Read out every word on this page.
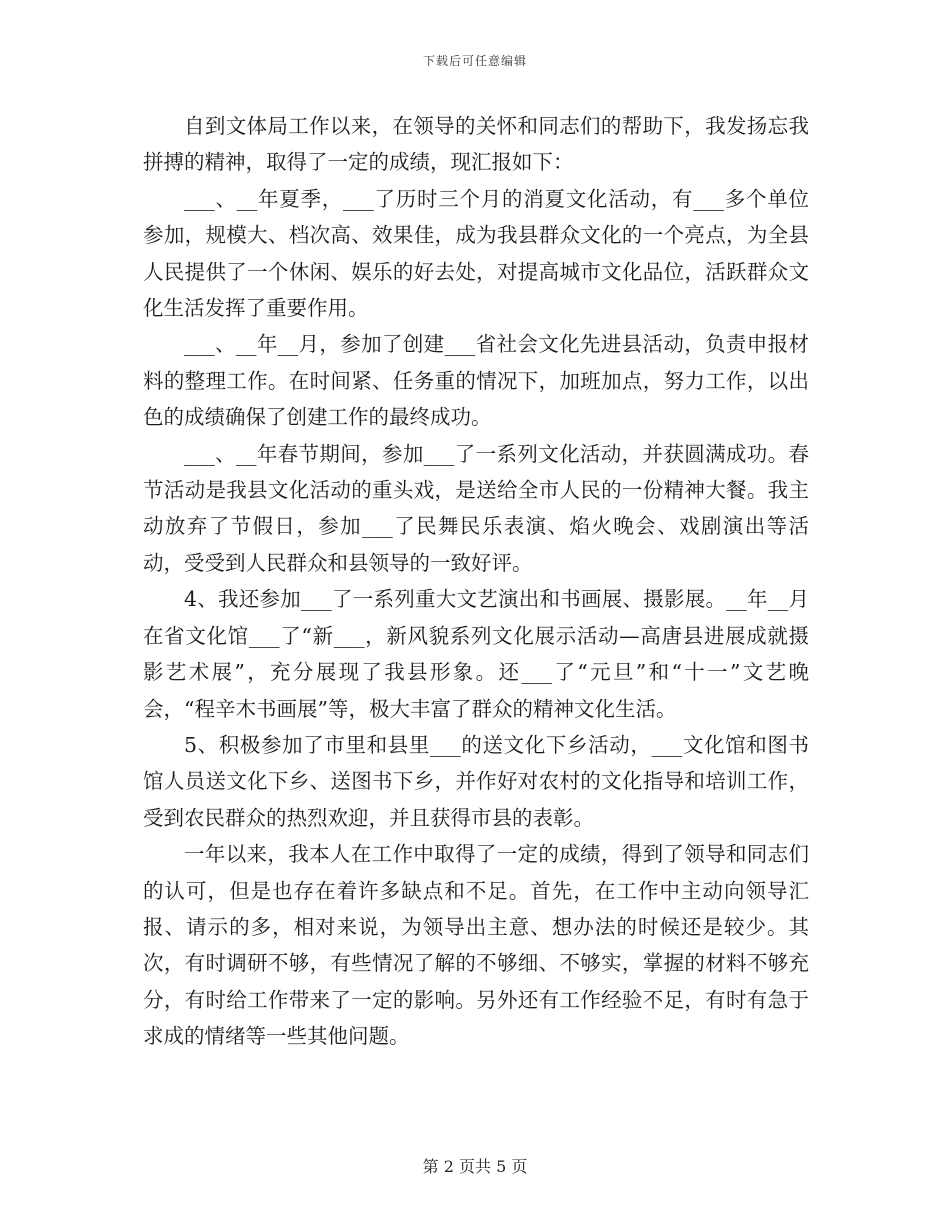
下载后可任意编辑

自到文体局工作以来，在领导的关怀和同志们的帮助下，我发扬忘我拼搏的精神，取得了一定的成绩，现汇报如下：

___、__年夏季，___了历时三个月的消夏文化活动，有___多个单位参加，规模大、档次高、效果佳，成为我县群众文化的一个亮点，为全县人民提供了一个休闲、娱乐的好去处，对提高城市文化品位，活跃群众文化生活发挥了重要作用。

___、__年__月，参加了创建___省社会文化先进县活动，负责申报材料的整理工作。在时间紧、任务重的情况下，加班加点，努力工作，以出色的成绩确保了创建工作的最终成功。

___、__年春节期间，参加___了一系列文化活动，并获圆满成功。春节活动是我县文化活动的重头戏，是送给全市人民的一份精神大餐。我主动放弃了节假日，参加___了民舞民乐表演、焰火晚会、戏剧演出等活动，受受到人民群众和县领导的一致好评。

4、我还参加___了一系列重大文艺演出和书画展、摄影展。__年__月在省文化馆___了“新___，新风貌系列文化展示活动—高唐县进展成就摄影艺术展”，充分展现了我县形象。还___了“元旦”和“十一”文艺晚会，“程辛木书画展”等，极大丰富了群众的精神文化生活。

5、积极参加了市里和县里___的送文化下乡活动，___文化馆和图书馆人员送文化下乡、送图书下乡，并作好对农村的文化指导和培训工作，受到农民群众的热烈欢迎，并且获得市县的表彰。

一年以来，我本人在工作中取得了一定的成绩，得到了领导和同志们的认可，但是也存在着许多缺点和不足。首先，在工作中主动向领导汇报、请示的多，相对来说，为领导出主意、想办法的时候还是较少。其次，有时调研不够，有些情况了解的不够细、不够实，掌握的材料不够充分，有时给工作带来了一定的影响。另外还有工作经验不足，有时有急于求成的情绪等一些其他问题。

第 2 页共 5 页
